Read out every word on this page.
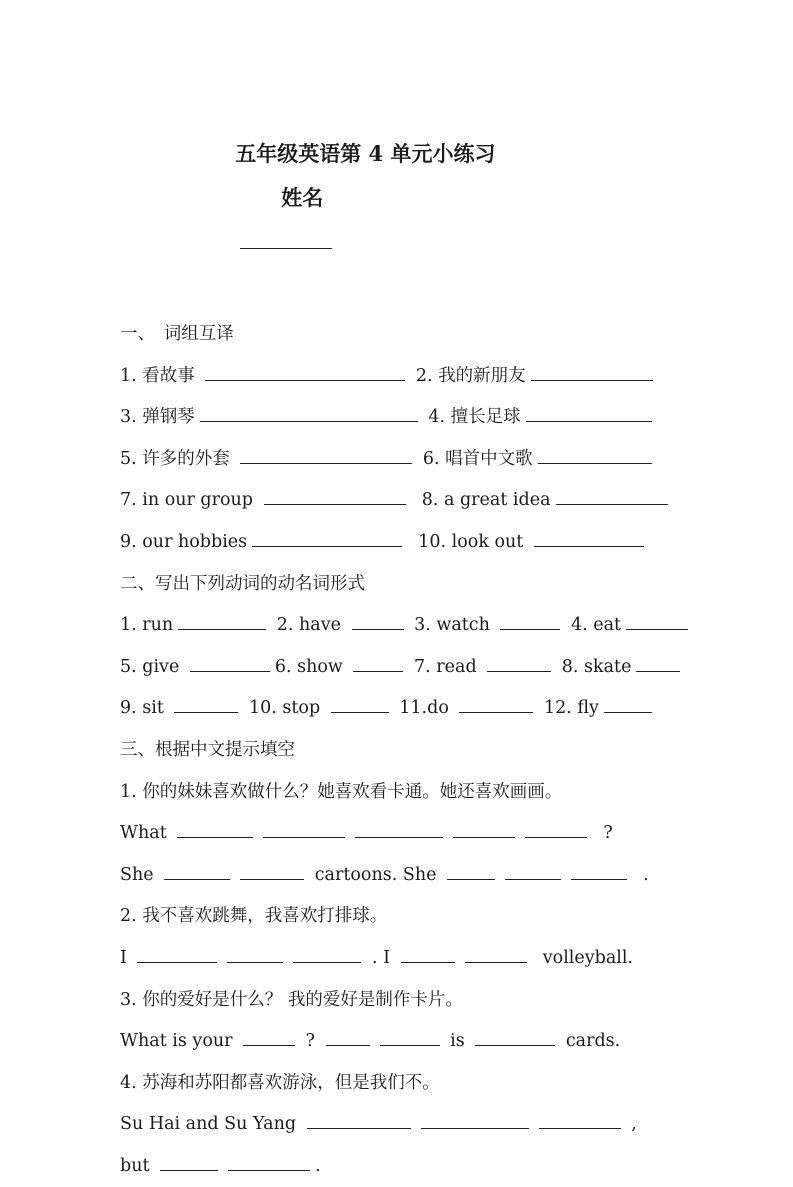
五年级英语第 4 单元小练习
姓名

一、　词组互译
1. 看故事	2. 我的新朋友
3. 弹钢琴	4. 擅长足球
5. 许多的外套	6. 唱首中文歌
7. in our group	8. a great idea
9. our hobbies	10. look out
二、写出下列动词的动名词形式
1. run	2. have	3. watch	4. eat
5. give	6. show	7. read	8. skate
9. sit	10. stop	11.do	12. fly
三、根据中文提示填空
1. 你的妹妹喜欢做什么？她喜欢看卡通。她还喜欢画画。
What	?
She	cartoons. She	.
2. 我不喜欢跳舞，我喜欢打排球。
I	. I	volleyball.
3. 你的爱好是什么？ 我的爱好是制作卡片。
What is your	?	is	cards.
4. 苏海和苏阳都喜欢游泳，但是我们不。
Su Hai and Su Yang	,
but	.
